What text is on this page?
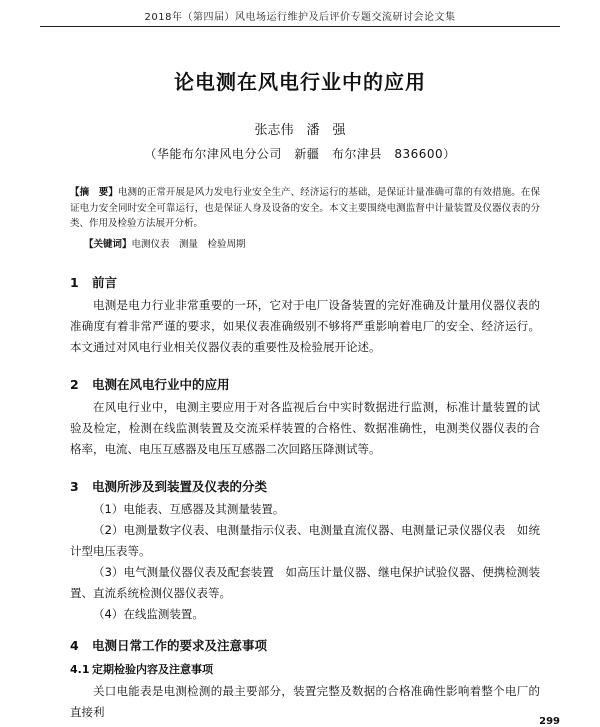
2018年（第四届）风电场运行维护及后评价专题交流研讨会论文集
论电测在风电行业中的应用
张志伟　潘　强
（华能布尔津风电分公司　新疆　布尔津县　836600）
【摘　要】电测的正常开展是风力发电行业安全生产、经济运行的基础，是保证计量准确可靠的有效措施。在保证电力安全同时安全可靠运行，也是保证人身及设备的安全。本文主要围绕电测监督中计量装置及仪器仪表的分类、作用及检验方法展开分析。
【关键词】电测仪表　测量　检验周期
1 前言
电测是电力行业非常重要的一环，它对于电厂设备装置的完好准确及计量用仪器仪表的准确度有着非常严谨的要求，如果仪表准确级别不够将严重影响着电厂的安全、经济运行。本文通过对风电行业相关仪器仪表的重要性及检验展开论述。
2 电测在风电行业中的应用
在风电行业中，电测主要应用于对各监视后台中实时数据进行监测，标准计量装置的试验及检定，检测在线监测装置及交流采样装置的合格性、数据准确性，电测类仪器仪表的合格率，电流、电压互感器及电压互感器二次回路压降测试等。
3 电测所涉及到装置及仪表的分类
（1）电能表、互感器及其测量装置。
（2）电测量数字仪表、电测量指示仪表、电测量直流仪器、电测量记录仪器仪表　如统计型电压表等。
（3）电气测量仪器仪表及配套装置　如高压计量仪器、继电保护试验仪器、便携检测装置、直流系统检测仪器仪表等。
（4）在线监测装置。
4 电测日常工作的要求及注意事项
4.1 定期检验内容及注意事项
关口电能表是电测检测的最主要部分，装置完整及数据的合格准确性影响着整个电厂的直接利
299
